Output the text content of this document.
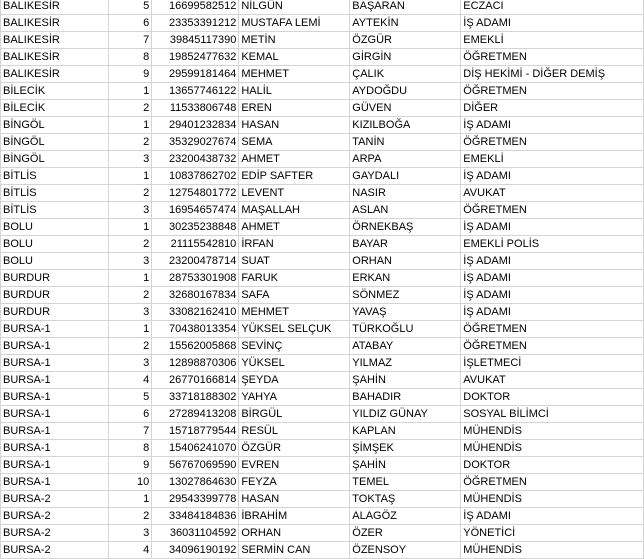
BALIKESİR	5	16699582512	NİLGÜN	BAŞARAN	ECZACI
BALIKESİR	6	23353391212	MUSTAFA LEMİ	AYTEKİN	İŞ ADAMI
BALIKESİR	7	39845117390	METİN	ÖZGÜR	EMEKLİ
BALIKESİR	8	19852477632	KEMAL	GİRGİN	ÖĞRETMEN
BALIKESİR	9	29599181464	MEHMET	ÇALIK	DİŞ HEKİMİ - DİĞER DEMİŞ
BİLECİK	1	13657746122	HALİL	AYDOĞDU	ÖĞRETMEN
BİLECİK	2	11533806748	EREN	GÜVEN	DİĞER
BİNGÖL	1	29401232834	HASAN	KIZILBOĞA	İŞ ADAMI
BİNGÖL	2	35329027674	SEMA	TANİN	ÖĞRETMEN
BİNGÖL	3	23200438732	AHMET	ARPA	EMEKLİ
BİTLİS	1	10837862702	EDİP SAFTER	GAYDALI	İŞ ADAMI
BİTLİS	2	12754801772	LEVENT	NASIR	AVUKAT
BİTLİS	3	16954657474	MAŞALLAH	ASLAN	ÖĞRETMEN
BOLU	1	30235238848	AHMET	ÖRNEKBAŞ	İŞ ADAMI
BOLU	2	21115542810	İRFAN	BAYAR	EMEKLİ POLİS
BOLU	3	23200478714	SUAT	ORHAN	İŞ ADAMI
BURDUR	1	28753301908	FARUK	ERKAN	İŞ ADAMI
BURDUR	2	32680167834	SAFA	SÖNMEZ	İŞ ADAMI
BURDUR	3	33082162410	MEHMET	YAVAŞ	İŞ ADAMI
BURSA-1	1	70438013354	YÜKSEL SELÇUK	TÜRKOĞLU	ÖĞRETMEN
BURSA-1	2	15562005868	SEVİNÇ	ATABAY	ÖĞRETMEN
BURSA-1	3	12898870306	YÜKSEL	YILMAZ	İŞLETMECİ
BURSA-1	4	26770166814	ŞEYDA	ŞAHİN	AVUKAT
BURSA-1	5	33718188302	YAHYA	BAHADIR	DOKTOR
BURSA-1	6	27289413208	BİRGÜL	YILDIZ GÜNAY	SOSYAL BİLİMCİ
BURSA-1	7	15718779544	RESÜL	KAPLAN	MÜHENDİS
BURSA-1	8	15406241070	ÖZGÜR	ŞİMŞEK	MÜHENDİS
BURSA-1	9	56767069590	EVREN	ŞAHİN	DOKTOR
BURSA-1	10	13027864630	FEYZA	TEMEL	ÖĞRETMEN
BURSA-2	1	29543399778	HASAN	TOKTAŞ	MÜHENDİS
BURSA-2	2	33484184836	İBRAHİM	ALAGÖZ	İŞ ADAMI
BURSA-2	3	36031104592	ORHAN	ÖZER	YÖNETİCİ
BURSA-2	4	34096190192	SERMİN CAN	ÖZENSOY	MÜHENDİS
